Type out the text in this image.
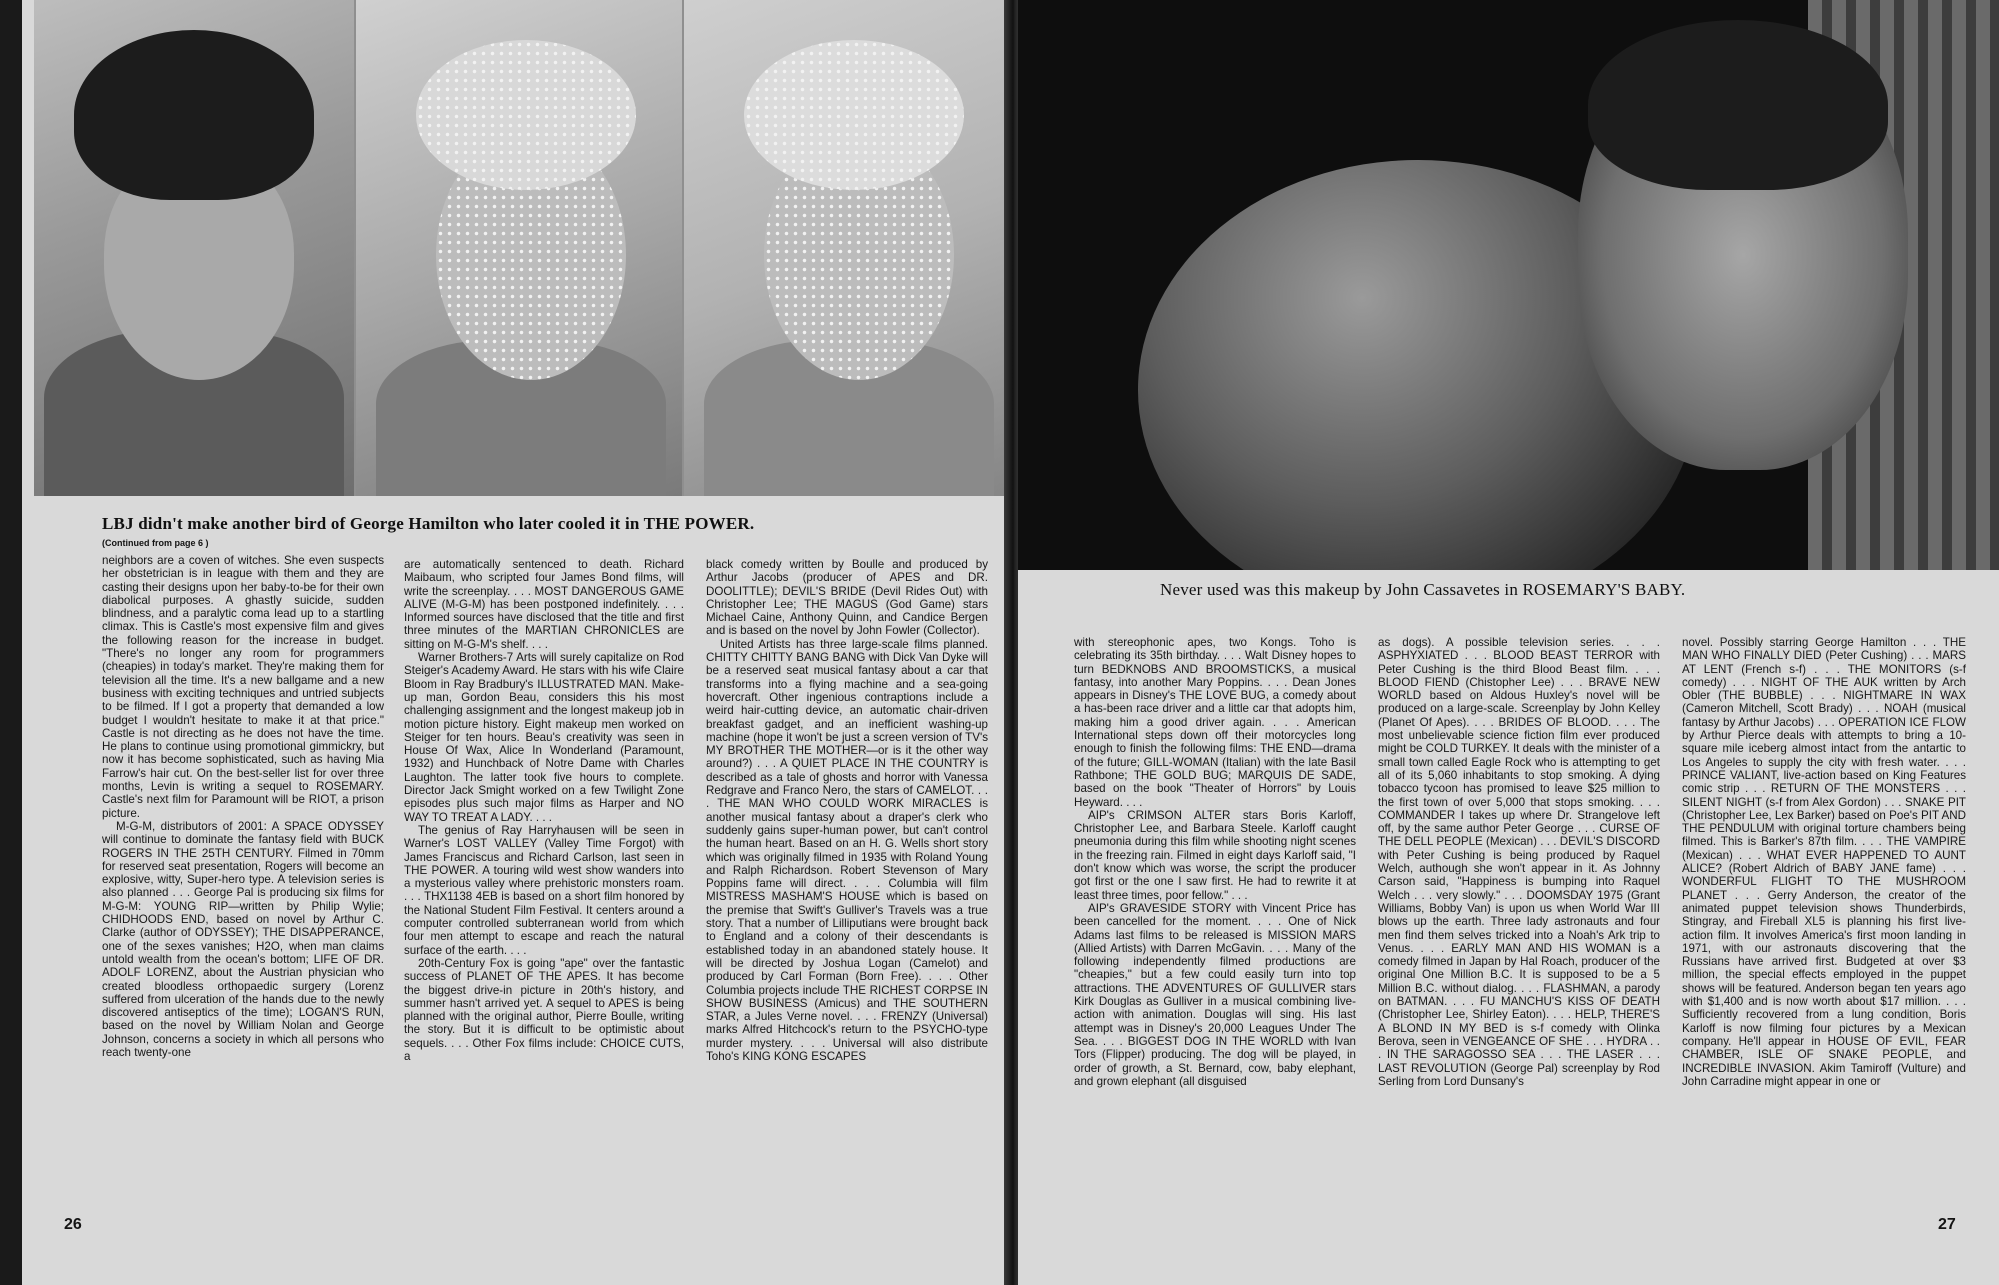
LBJ didn't make another bird of George Hamilton who later cooled it in THE POWER.
(Continued from page 6 )

neighbors are a coven of witches. She even suspects her obstetrician is in league with them and they are casting their designs upon her baby-to-be for their own diabolical purposes. A ghastly suicide, sudden blindness, and a paralytic coma lead up to a startling climax. This is Castle's most expensive film and gives the following reason for the increase in budget. "There's no longer any room for programmers (cheapies) in today's market. They're making them for television all the time. It's a new ballgame and a new business with exciting techniques and untried subjects to be filmed. If I got a property that demanded a low budget I wouldn't hesitate to make it at that price." Castle is not directing as he does not have the time. He plans to continue using promotional gimmickry, but now it has become sophisticated, such as having Mia Farrow's hair cut. On the best-seller list for over three months, Levin is writing a sequel to ROSEMARY. Castle's next film for Paramount will be RIOT, a prison picture.

M-G-M, distributors of 2001: A SPACE ODYSSEY will continue to dominate the fantasy field with BUCK ROGERS IN THE 25TH CENTURY. Filmed in 70mm for reserved seat presentation, Rogers will become an explosive, witty, Super-hero type. A television series is also planned . . . George Pal is producing six films for M-G-M: YOUNG RIP—written by Philip Wylie; CHIDHOODS END, based on novel by Arthur C. Clarke (author of ODYSSEY); THE DISAPPERANCE, one of the sexes vanishes; H2O, when man claims untold wealth from the ocean's bottom; LIFE OF DR. ADOLF LORENZ, about the Austrian physician who created bloodless orthopaedic surgery (Lorenz suffered from ulceration of the hands due to the newly discovered antiseptics of the time); LOGAN'S RUN, based on the novel by William Nolan and George Johnson, concerns a society in which all persons who reach twenty-one

are automatically sentenced to death. Richard Maibaum, who scripted four James Bond films, will write the screenplay. . . . MOST DANGEROUS GAME ALIVE (M-G-M) has been postponed indefinitely. . . . Informed sources have disclosed that the title and first three minutes of the MARTIAN CHRONICLES are sitting on M-G-M's shelf. . . .

Warner Brothers-7 Arts will surely capitalize on Rod Steiger's Academy Award. He stars with his wife Claire Bloom in Ray Bradbury's ILLUSTRATED MAN. Make-up man, Gordon Beau, considers this his most challenging assignment and the longest makeup job in motion picture history. Eight makeup men worked on Steiger for ten hours. Beau's creativity was seen in House Of Wax, Alice In Wonderland (Paramount, 1932) and Hunchback of Notre Dame with Charles Laughton. The latter took five hours to complete. Director Jack Smight worked on a few Twilight Zone episodes plus such major films as Harper and NO WAY TO TREAT A LADY. . . .

The genius of Ray Harryhausen will be seen in Warner's LOST VALLEY (Valley Time Forgot) with James Franciscus and Richard Carlson, last seen in THE POWER. A touring wild west show wanders into a mysterious valley where prehistoric monsters roam. . . . THX1138 4EB is based on a short film honored by the National Student Film Festival. It centers around a computer controlled subterranean world from which four men attempt to escape and reach the natural surface of the earth. . . .

20th-Century Fox is going "ape" over the fantastic success of PLANET OF THE APES. It has become the biggest drive-in picture in 20th's history, and summer hasn't arrived yet. A sequel to APES is being planned with the original author, Pierre Boulle, writing the story. But it is difficult to be optimistic about sequels. . . . Other Fox films include: CHOICE CUTS, a

black comedy written by Boulle and produced by Arthur Jacobs (producer of APES and DR. DOOLITTLE); DEVIL'S BRIDE (Devil Rides Out) with Christopher Lee; THE MAGUS (God Game) stars Michael Caine, Anthony Quinn, and Candice Bergen and is based on the novel by John Fowler (Collector).

United Artists has three large-scale films planned. CHITTY CHITTY BANG BANG with Dick Van Dyke will be a reserved seat musical fantasy about a car that transforms into a flying machine and a sea-going hovercraft. Other ingenious contraptions include a weird hair-cutting device, an automatic chair-driven breakfast gadget, and an inefficient washing-up machine (hope it won't be just a screen version of TV's MY BROTHER THE MOTHER—or is it the other way around?) . . . A QUIET PLACE IN THE COUNTRY is described as a tale of ghosts and horror with Vanessa Redgrave and Franco Nero, the stars of CAMELOT. . . . THE MAN WHO COULD WORK MIRACLES is another musical fantasy about a draper's clerk who suddenly gains super-human power, but can't control the human heart. Based on an H. G. Wells short story which was originally filmed in 1935 with Roland Young and Ralph Richardson. Robert Stevenson of Mary Poppins fame will direct. . . . Columbia will film MISTRESS MASHAM'S HOUSE which is based on the premise that Swift's Gulliver's Travels was a true story. That a number of Lilliputians were brought back to England and a colony of their descendants is established today in an abandoned stately house. It will be directed by Joshua Logan (Camelot) and produced by Carl Forman (Born Free). . . . Other Columbia projects include THE RICHEST CORPSE IN SHOW BUSINESS (Amicus) and THE SOUTHERN STAR, a Jules Verne novel. . . . FRENZY (Universal) marks Alfred Hitchcock's return to the PSYCHO-type murder mystery. . . . Universal will also distribute Toho's KING KONG ESCAPES

26
Never used was this makeup by John Cassavetes in ROSEMARY'S BABY.

with stereophonic apes, two Kongs. Toho is celebrating its 35th birthday. . . . Walt Disney hopes to turn BEDKNOBS AND BROOMSTICKS, a musical fantasy, into another Mary Poppins. . . . Dean Jones appears in Disney's THE LOVE BUG, a comedy about a has-been race driver and a little car that adopts him, making him a good driver again. . . . American International steps down off their motorcycles long enough to finish the following films: THE END—drama of the future; GILL-WOMAN (Italian) with the late Basil Rathbone; THE GOLD BUG; MARQUIS DE SADE, based on the book "Theater of Horrors" by Louis Heyward. . . .

AIP's CRIMSON ALTER stars Boris Karloff, Christopher Lee, and Barbara Steele. Karloff caught pneumonia during this film while shooting night scenes in the freezing rain. Filmed in eight days Karloff said, "I don't know which was worse, the script the producer got first or the one I saw first. He had to rewrite it at least three times, poor fellow." . . .

AIP's GRAVESIDE STORY with Vincent Price has been cancelled for the moment. . . . One of Nick Adams last films to be released is MISSION MARS (Allied Artists) with Darren McGavin. . . . Many of the following independently filmed productions are "cheapies," but a few could easily turn into top attractions. THE ADVENTURES OF GULLIVER stars Kirk Douglas as Gulliver in a musical combining live-action with animation. Douglas will sing. His last attempt was in Disney's 20,000 Leagues Under The Sea. . . . BIGGEST DOG IN THE WORLD with Ivan Tors (Flipper) producing. The dog will be played, in order of growth, a St. Bernard, cow, baby elephant, and grown elephant (all disguised

as dogs). A possible television series. . . . ASPHYXIATED . . . BLOOD BEAST TERROR with Peter Cushing is the third Blood Beast film. . . . BLOOD FIEND (Chistopher Lee) . . . BRAVE NEW WORLD based on Aldous Huxley's novel will be produced on a large-scale. Screenplay by John Kelley (Planet Of Apes). . . . BRIDES OF BLOOD. . . . The most unbelievable science fiction film ever produced might be COLD TURKEY. It deals with the minister of a small town called Eagle Rock who is attempting to get all of its 5,060 inhabitants to stop smoking. A dying tobacco tycoon has promised to leave $25 million to the first town of over 5,000 that stops smoking. . . . COMMANDER I takes up where Dr. Strangelove left off, by the same author Peter George . . . CURSE OF THE DELL PEOPLE (Mexican) . . . DEVIL'S DISCORD with Peter Cushing is being produced by Raquel Welch, authough she won't appear in it. As Johnny Carson said, "Happiness is bumping into Raquel Welch . . . very slowly." . . . DOOMSDAY 1975 (Grant Williams, Bobby Van) is upon us when World War III blows up the earth. Three lady astronauts and four men find them selves tricked into a Noah's Ark trip to Venus. . . . EARLY MAN AND HIS WOMAN is a comedy filmed in Japan by Hal Roach, producer of the original One Million B.C. It is supposed to be a 5 Million B.C. without dialog. . . . FLASHMAN, a parody on BATMAN. . . . FU MANCHU'S KISS OF DEATH (Christopher Lee, Shirley Eaton). . . . HELP, THERE'S A BLOND IN MY BED is s-f comedy with Olinka Berova, seen in VENGEANCE OF SHE . . . HYDRA . . . IN THE SARAGOSSO SEA . . . THE LASER . . . LAST REVOLUTION (George Pal) screenplay by Rod Serling from Lord Dunsany's

novel. Possibly starring George Hamilton . . . THE MAN WHO FINALLY DIED (Peter Cushing) . . . MARS AT LENT (French s-f) . . . THE MONITORS (s-f comedy) . . . NIGHT OF THE AUK written by Arch Obler (THE BUBBLE) . . . NIGHTMARE IN WAX (Cameron Mitchell, Scott Brady) . . . NOAH (musical fantasy by Arthur Jacobs) . . . OPERATION ICE FLOW by Arthur Pierce deals with attempts to bring a 10-square mile iceberg almost intact from the antartic to Los Angeles to supply the city with fresh water. . . . PRINCE VALIANT, live-action based on King Features comic strip . . . RETURN OF THE MONSTERS . . . SILENT NIGHT (s-f from Alex Gordon) . . . SNAKE PIT (Christopher Lee, Lex Barker) based on Poe's PIT AND THE PENDULUM with original torture chambers being filmed. This is Barker's 87th film. . . . THE VAMPIRE (Mexican) . . . WHAT EVER HAPPENED TO AUNT ALICE? (Robert Aldrich of BABY JANE fame) . . . WONDERFUL FLIGHT TO THE MUSHROOM PLANET . . . Gerry Anderson, the creator of the animated puppet television shows Thunderbirds, Stingray, and Fireball XL5 is planning his first live-action film. It involves America's first moon landing in 1971, with our astronauts discovering that the Russians have arrived first. Budgeted at over $3 million, the special effects employed in the puppet shows will be featured. Anderson began ten years ago with $1,400 and is now worth about $17 million. . . . Sufficiently recovered from a lung condition, Boris Karloff is now filming four pictures by a Mexican company. He'll appear in HOUSE OF EVIL, FEAR CHAMBER, ISLE OF SNAKE PEOPLE, and INCREDIBLE INVASION. Akim Tamiroff (Vulture) and John Carradine might appear in one or

27
